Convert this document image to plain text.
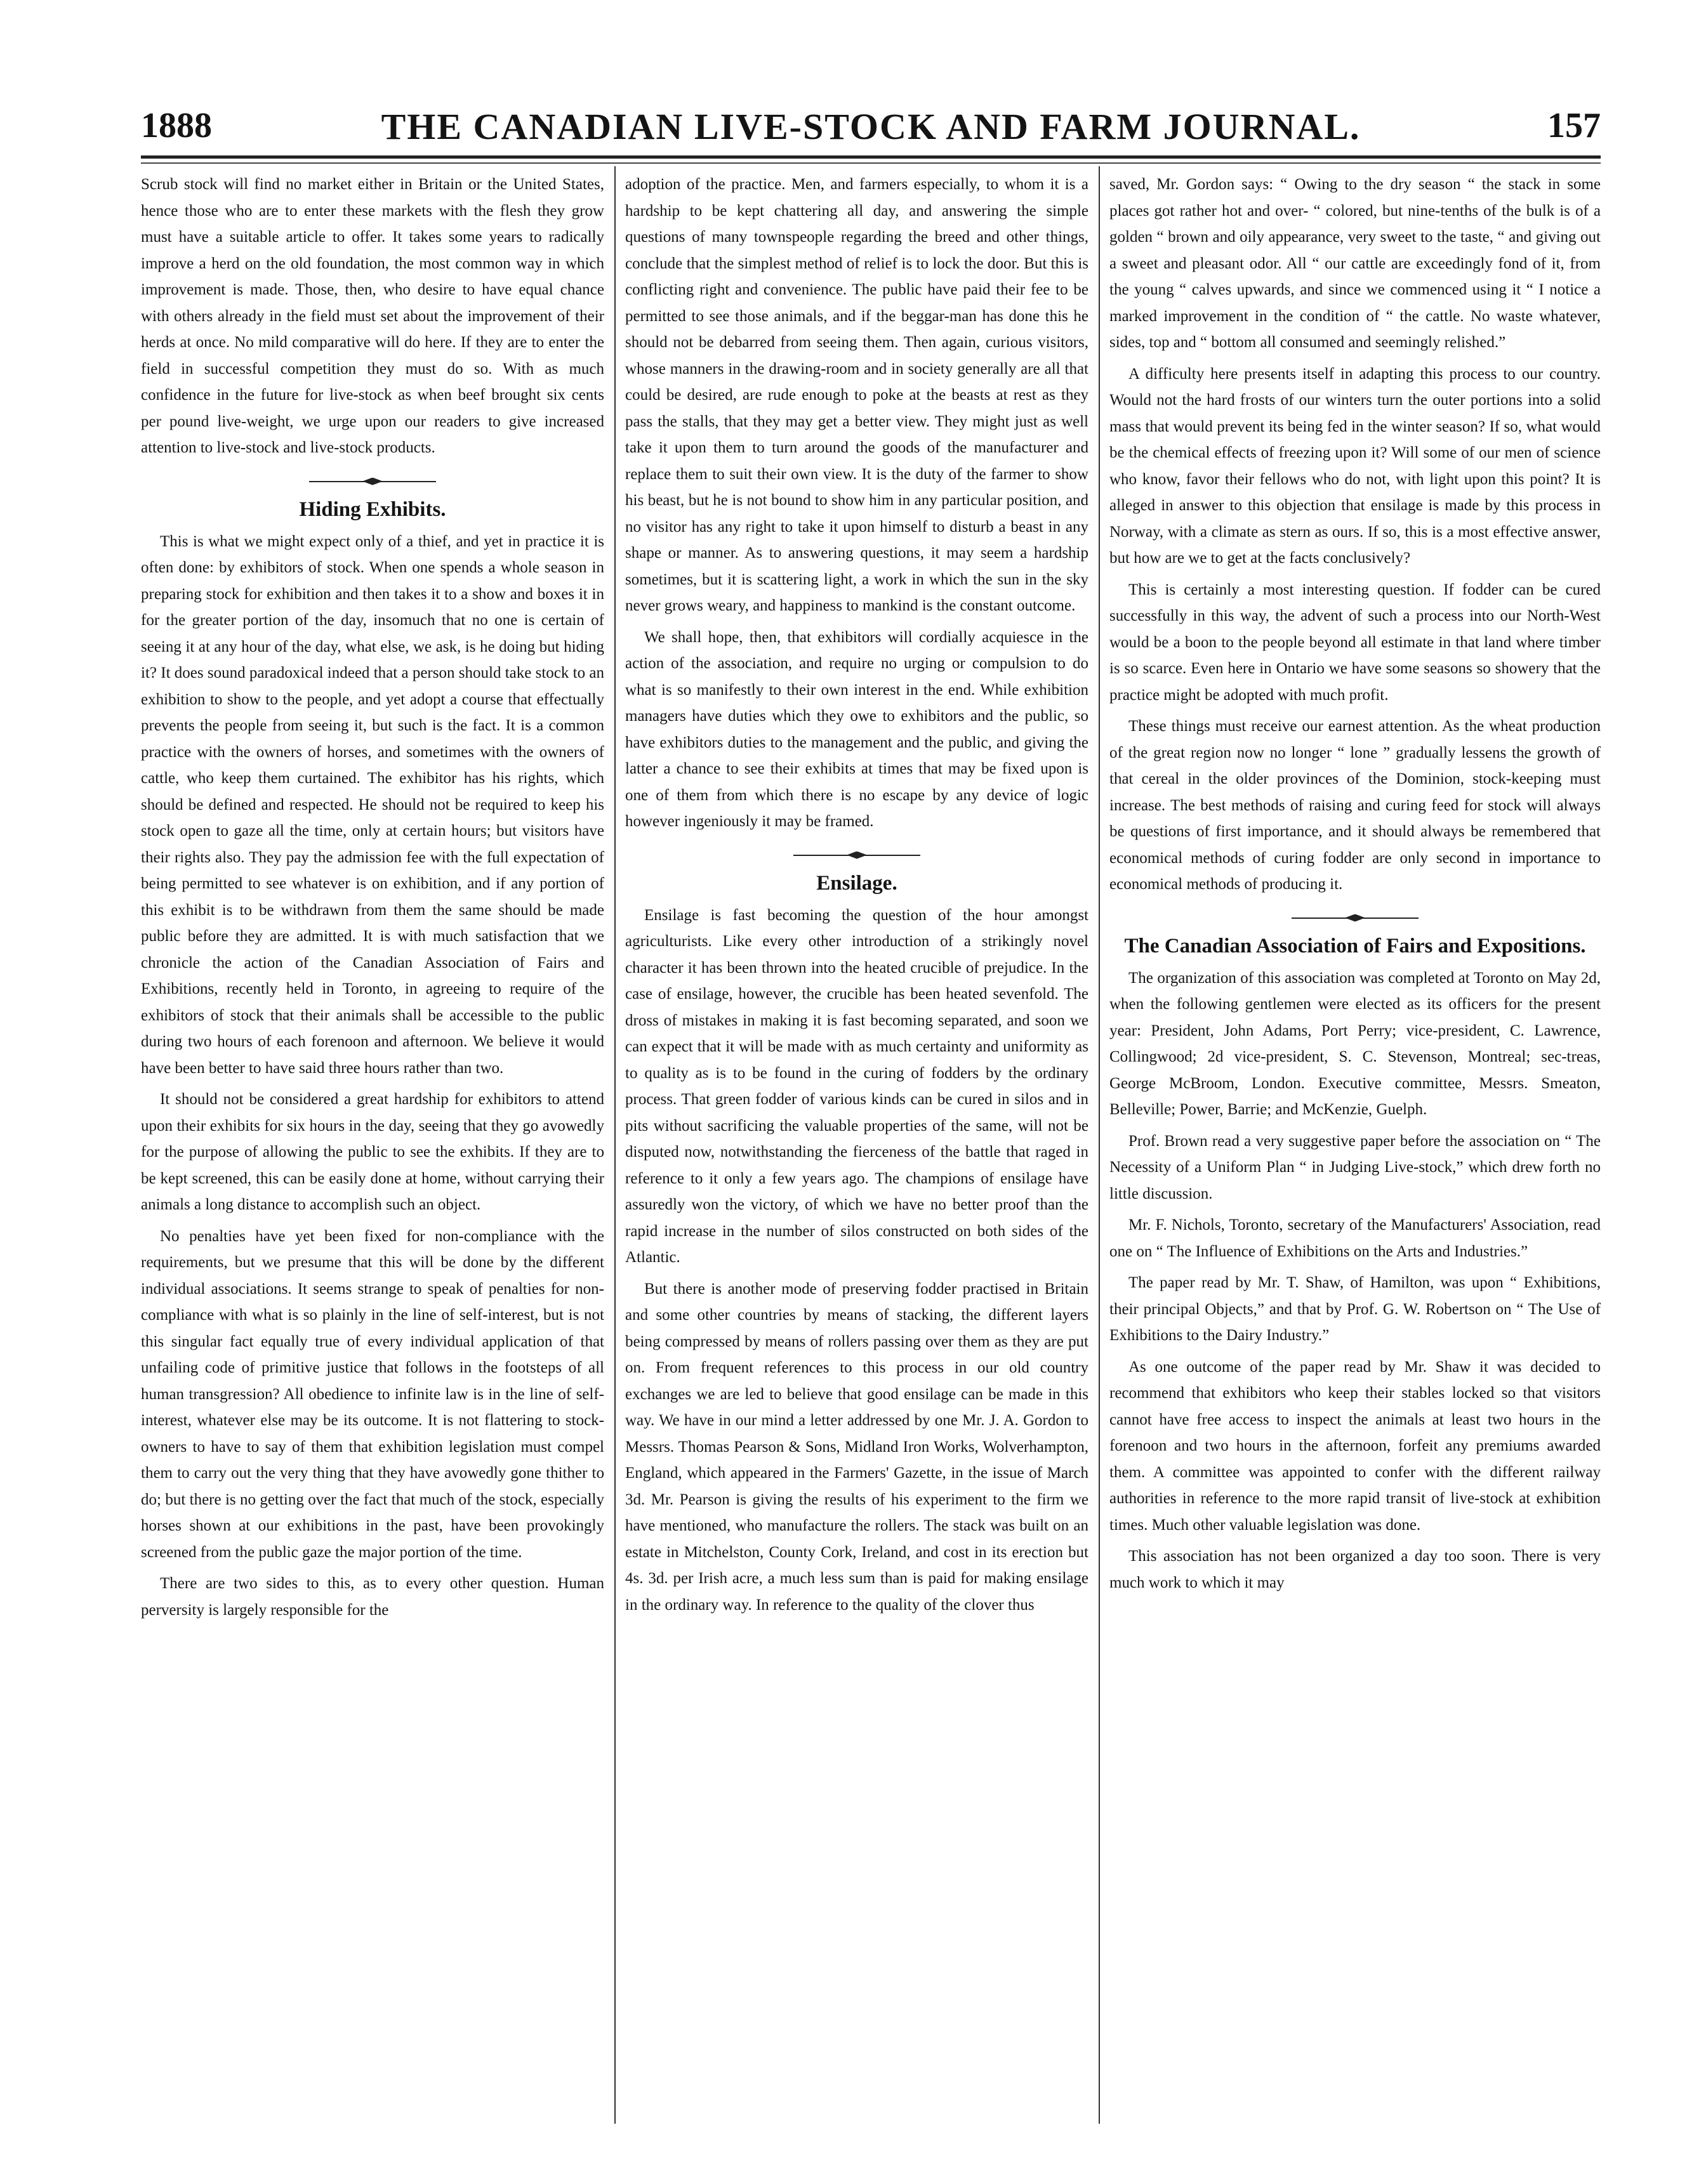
1888	THE CANADIAN LIVE-STOCK AND FARM JOURNAL.	157

Scrub stock will find no market either in Britain or the United States, hence those who are to enter these markets with the flesh they grow must have a suitable article to offer. It takes some years to radically improve a herd on the old foundation, the most common way in which improvement is made. Those, then, who desire to have equal chance with others already in the field must set about the improvement of their herds at once. No mild comparative will do here. If they are to enter the field in successful competition they must do so. With as much confidence in the future for live-stock as when beef brought six cents per pound live-weight, we urge upon our readers to give increased attention to live-stock and live-stock products.

Hiding Exhibits.

This is what we might expect only of a thief, and yet in practice it is often done: by exhibitors of stock. When one spends a whole season in preparing stock for exhibition and then takes it to a show and boxes it in for the greater portion of the day, insomuch that no one is certain of seeing it at any hour of the day, what else, we ask, is he doing but hiding it? It does sound paradoxical indeed that a person should take stock to an exhibition to show to the people, and yet adopt a course that effectually prevents the people from seeing it, but such is the fact. It is a common practice with the owners of horses, and sometimes with the owners of cattle, who keep them curtained. The exhibitor has his rights, which should be defined and respected. He should not be required to keep his stock open to gaze all the time, only at certain hours; but visitors have their rights also. They pay the admission fee with the full expectation of being permitted to see whatever is on exhibition, and if any portion of this exhibit is to be withdrawn from them the same should be made public before they are admitted. It is with much satisfaction that we chronicle the action of the Canadian Association of Fairs and Exhibitions, recently held in Toronto, in agreeing to require of the exhibitors of stock that their animals shall be accessible to the public during two hours of each forenoon and afternoon. We believe it would have been better to have said three hours rather than two.

It should not be considered a great hardship for exhibitors to attend upon their exhibits for six hours in the day, seeing that they go avowedly for the purpose of allowing the public to see the exhibits. If they are to be kept screened, this can be easily done at home, without carrying their animals a long distance to accomplish such an object.

No penalties have yet been fixed for non-compliance with the requirements, but we presume that this will be done by the different individual associations. It seems strange to speak of penalties for non-compliance with what is so plainly in the line of self-interest, but is not this singular fact equally true of every individual application of that unfailing code of primitive justice that follows in the footsteps of all human transgression? All obedience to infinite law is in the line of self-interest, whatever else may be its outcome. It is not flattering to stock-owners to have to say of them that exhibition legislation must compel them to carry out the very thing that they have avowedly gone thither to do; but there is no getting over the fact that much of the stock, especially horses shown at our exhibitions in the past, have been provokingly screened from the public gaze the major portion of the time.

There are two sides to this, as to every other question. Human perversity is largely responsible for the

adoption of the practice. Men, and farmers especially, to whom it is a hardship to be kept chattering all day, and answering the simple questions of many townspeople regarding the breed and other things, conclude that the simplest method of relief is to lock the door. But this is conflicting right and convenience. The public have paid their fee to be permitted to see those animals, and if the beggar-man has done this he should not be debarred from seeing them. Then again, curious visitors, whose manners in the drawing-room and in society generally are all that could be desired, are rude enough to poke at the beasts at rest as they pass the stalls, that they may get a better view. They might just as well take it upon them to turn around the goods of the manufacturer and replace them to suit their own view. It is the duty of the farmer to show his beast, but he is not bound to show him in any particular position, and no visitor has any right to take it upon himself to disturb a beast in any shape or manner. As to answering questions, it may seem a hardship sometimes, but it is scattering light, a work in which the sun in the sky never grows weary, and happiness to mankind is the constant outcome.

We shall hope, then, that exhibitors will cordially acquiesce in the action of the association, and require no urging or compulsion to do what is so manifestly to their own interest in the end. While exhibition managers have duties which they owe to exhibitors and the public, so have exhibitors duties to the management and the public, and giving the latter a chance to see their exhibits at times that may be fixed upon is one of them from which there is no escape by any device of logic however ingeniously it may be framed.

Ensilage.

Ensilage is fast becoming the question of the hour amongst agriculturists. Like every other introduction of a strikingly novel character it has been thrown into the heated crucible of prejudice. In the case of ensilage, however, the crucible has been heated sevenfold. The dross of mistakes in making it is fast becoming separated, and soon we can expect that it will be made with as much certainty and uniformity as to quality as is to be found in the curing of fodders by the ordinary process. That green fodder of various kinds can be cured in silos and in pits without sacrificing the valuable properties of the same, will not be disputed now, notwithstanding the fierceness of the battle that raged in reference to it only a few years ago. The champions of ensilage have assuredly won the victory, of which we have no better proof than the rapid increase in the number of silos constructed on both sides of the Atlantic.

But there is another mode of preserving fodder practised in Britain and some other countries by means of stacking, the different layers being compressed by means of rollers passing over them as they are put on. From frequent references to this process in our old country exchanges we are led to believe that good ensilage can be made in this way. We have in our mind a letter addressed by one Mr. J. A. Gordon to Messrs. Thomas Pearson & Sons, Midland Iron Works, Wolverhampton, England, which appeared in the Farmers' Gazette, in the issue of March 3d. Mr. Pearson is giving the results of his experiment to the firm we have mentioned, who manufacture the rollers. The stack was built on an estate in Mitchelston, County Cork, Ireland, and cost in its erection but 4s. 3d. per Irish acre, a much less sum than is paid for making ensilage in the ordinary way. In reference to the quality of the clover thus

saved, Mr. Gordon says: “ Owing to the dry season “ the stack in some places got rather hot and over- “ colored, but nine-tenths of the bulk is of a golden “ brown and oily appearance, very sweet to the taste, “ and giving out a sweet and pleasant odor. All “ our cattle are exceedingly fond of it, from the young “ calves upwards, and since we commenced using it “ I notice a marked improvement in the condition of “ the cattle. No waste whatever, sides, top and “ bottom all consumed and seemingly relished.”

A difficulty here presents itself in adapting this process to our country. Would not the hard frosts of our winters turn the outer portions into a solid mass that would prevent its being fed in the winter season? If so, what would be the chemical effects of freezing upon it? Will some of our men of science who know, favor their fellows who do not, with light upon this point? It is alleged in answer to this objection that ensilage is made by this process in Norway, with a climate as stern as ours. If so, this is a most effective answer, but how are we to get at the facts conclusively?

This is certainly a most interesting question. If fodder can be cured successfully in this way, the advent of such a process into our North-West would be a boon to the people beyond all estimate in that land where timber is so scarce. Even here in Ontario we have some seasons so showery that the practice might be adopted with much profit.

These things must receive our earnest attention. As the wheat production of the great region now no longer “ lone ” gradually lessens the growth of that cereal in the older provinces of the Dominion, stock-keeping must increase. The best methods of raising and curing feed for stock will always be questions of first importance, and it should always be remembered that economical methods of curing fodder are only second in importance to economical methods of producing it.

The Canadian Association of Fairs and Expositions.

The organization of this association was completed at Toronto on May 2d, when the following gentlemen were elected as its officers for the present year: President, John Adams, Port Perry; vice-president, C. Lawrence, Collingwood; 2d vice-president, S. C. Stevenson, Montreal; sec-treas, George McBroom, London. Executive committee, Messrs. Smeaton, Belleville; Power, Barrie; and McKenzie, Guelph.

Prof. Brown read a very suggestive paper before the association on “ The Necessity of a Uniform Plan “ in Judging Live-stock,” which drew forth no little discussion.

Mr. F. Nichols, Toronto, secretary of the Manufacturers' Association, read one on “ The Influence of Exhibitions on the Arts and Industries.”

The paper read by Mr. T. Shaw, of Hamilton, was upon “ Exhibitions, their principal Objects,” and that by Prof. G. W. Robertson on “ The Use of Exhibitions to the Dairy Industry.”

As one outcome of the paper read by Mr. Shaw it was decided to recommend that exhibitors who keep their stables locked so that visitors cannot have free access to inspect the animals at least two hours in the forenoon and two hours in the afternoon, forfeit any premiums awarded them. A committee was appointed to confer with the different railway authorities in reference to the more rapid transit of live-stock at exhibition times. Much other valuable legislation was done.

This association has not been organized a day too soon. There is very much work to which it may
